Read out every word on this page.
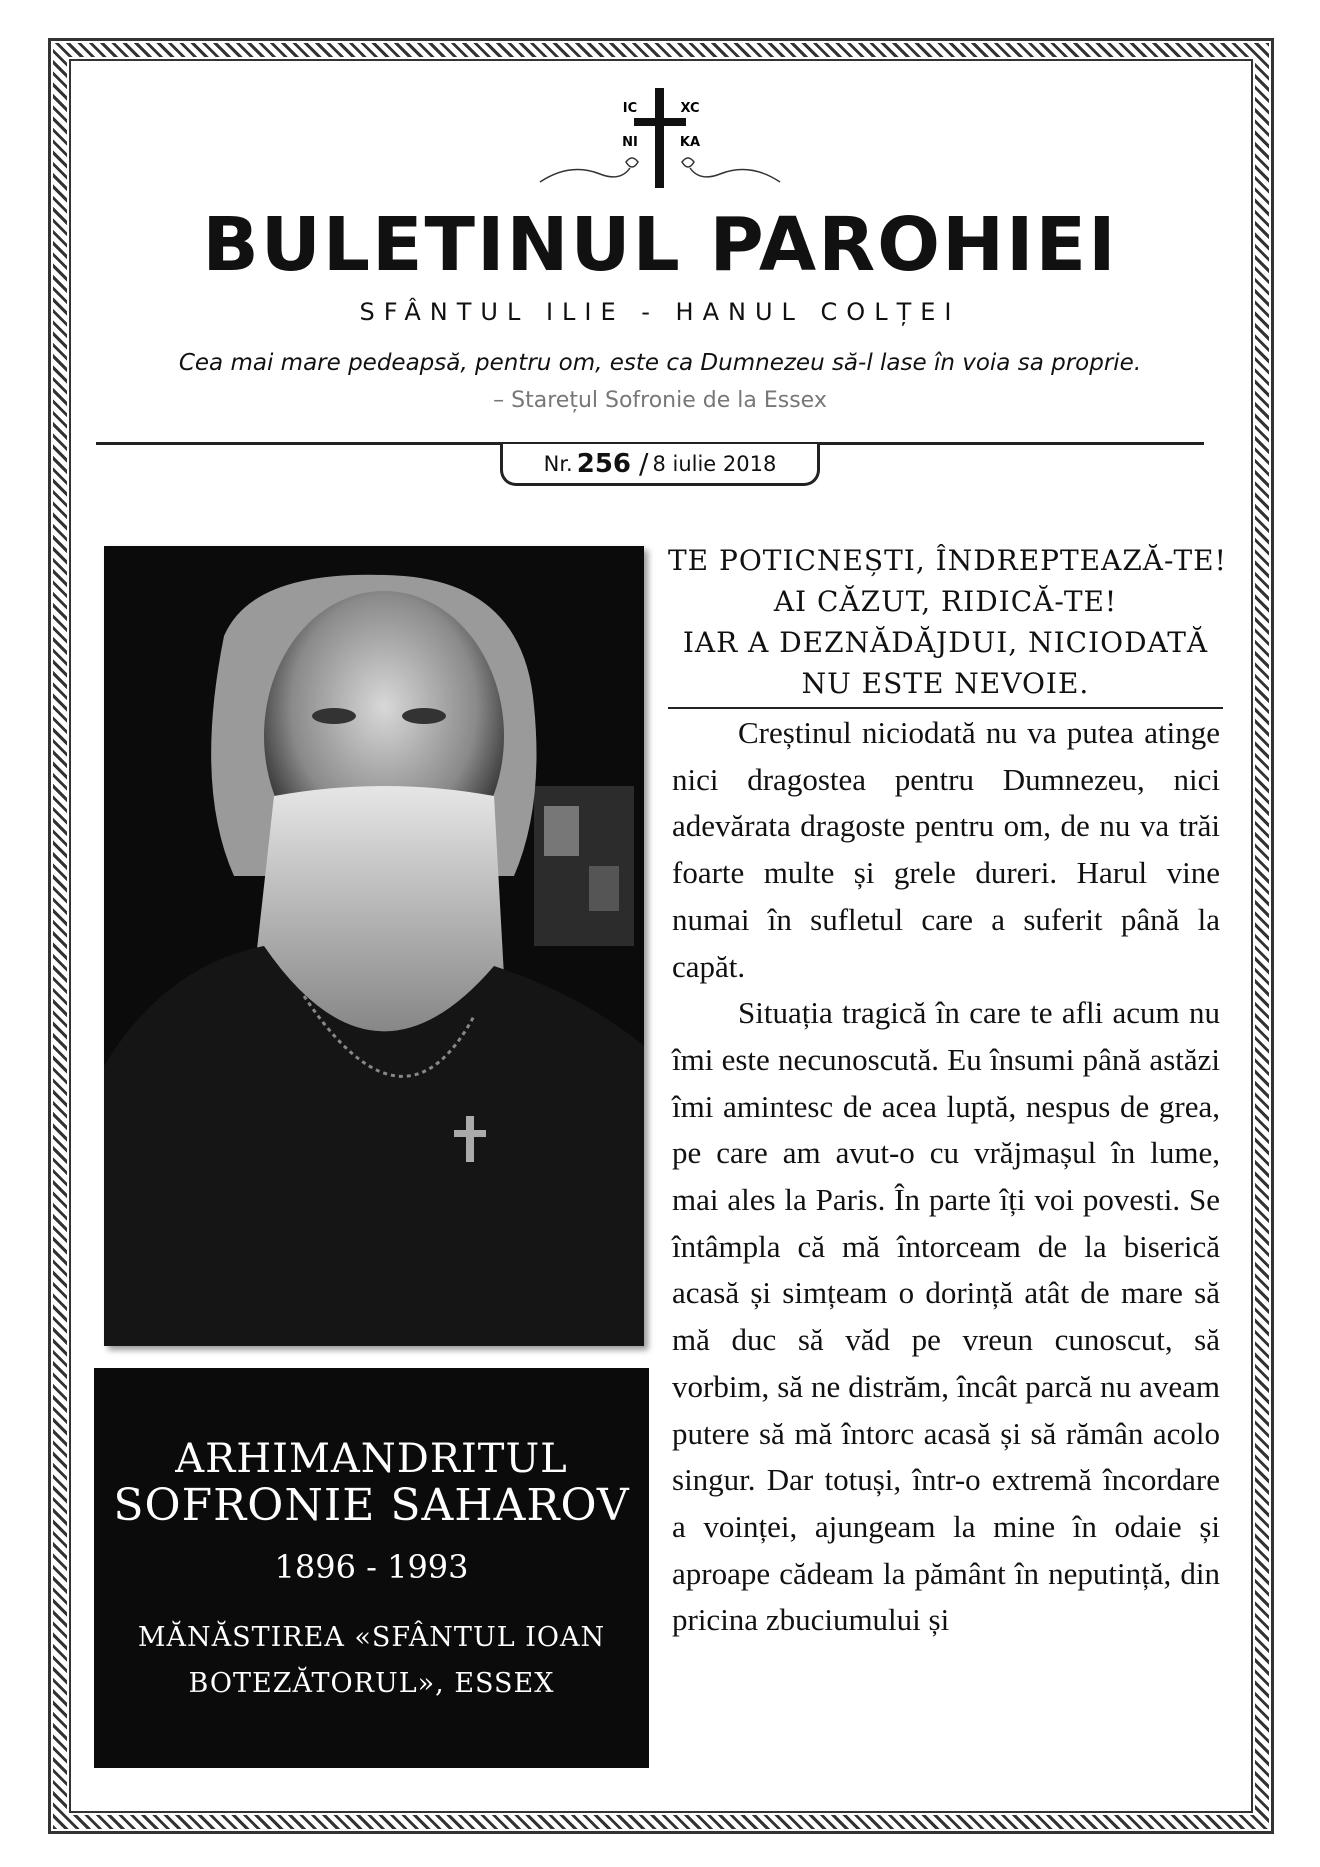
IC	XC
NI	KA
BULETINUL PAROHIEI
SFÂNTUL ILIE - HANUL COLȚEI
Cea mai mare pedeapsă, pentru om, este ca Dumnezeu să-l lase în voia sa proprie.
– Starețul Sofronie de la Essex
Nr. 256 / 8 iulie 2018
ARHIMANDRITUL
SOFRONIE SAHAROV
1896 - 1993
MĂNĂSTIREA «SFÂNTUL IOAN
BOTEZĂTORUL», ESSEX
TE POTICNEȘTI, ÎNDREPTEAZĂ-TE!
AI CĂZUT, RIDICĂ-TE!
IAR A DEZNĂDĂJDUI, NICIODATĂ
NU ESTE NEVOIE.

Creștinul niciodată nu va putea atinge nici dragostea pentru Dumnezeu, nici adevărata dragoste pentru om, de nu va trăi foarte multe și grele dureri. Harul vine numai în sufletul care a suferit până la capăt.

Situația tragică în care te afli acum nu îmi este necunoscută. Eu însumi până astăzi îmi amintesc de acea luptă, nespus de grea, pe care am avut-o cu vrăjmașul în lume, mai ales la Paris. În parte îți voi povesti. Se întâmpla că mă întorceam de la biserică acasă și simțeam o dorință atât de mare să mă duc să văd pe vreun cunoscut, să vorbim, să ne distrăm, încât parcă nu aveam putere să mă întorc acasă și să rămân acolo singur. Dar totuși, într-o extremă încordare a voinței, ajungeam la mine în odaie și aproape cădeam la pământ în neputință, din pricina zbuciumului și
